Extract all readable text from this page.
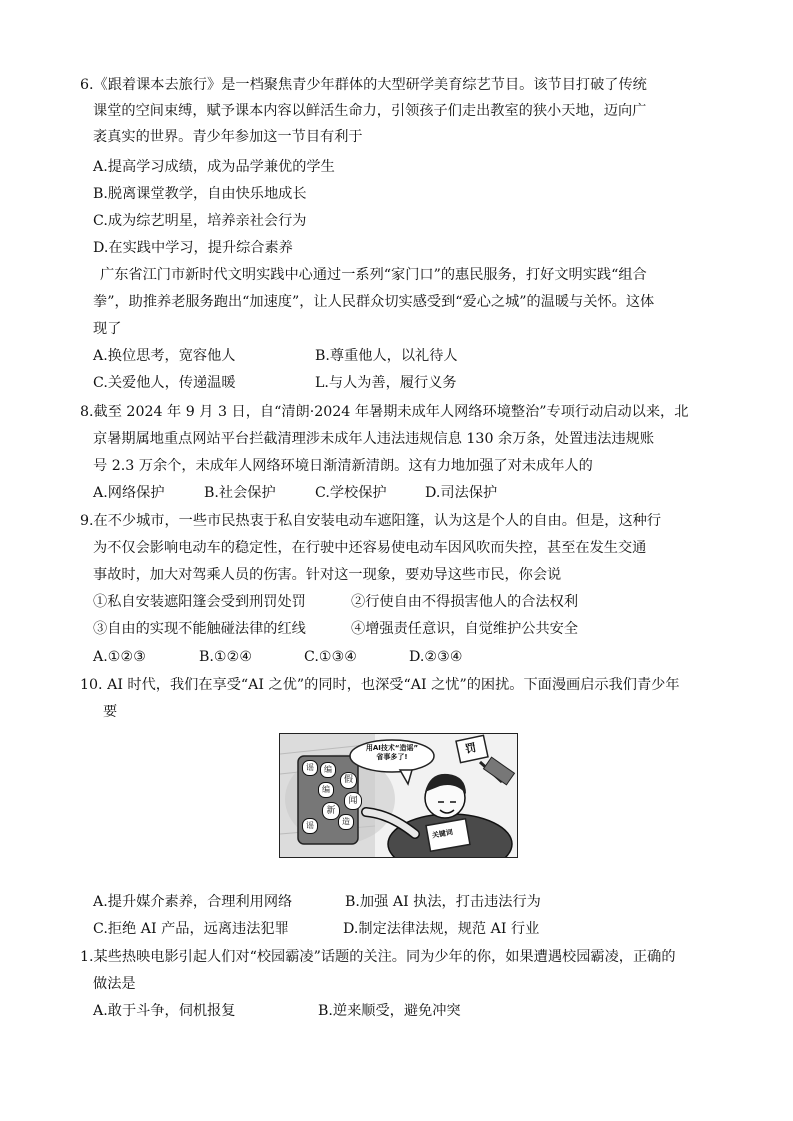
6.《跟着课本去旅行》是一档聚焦青少年群体的大型研学美育综艺节目。该节目打破了传统
课堂的空间束缚，赋予课本内容以鲜活生命力，引领孩子们走出教室的狭小天地，迈向广
袤真实的世界。青少年参加这一节目有利于
A.提高学习成绩，成为品学兼优的学生
B.脱离课堂教学，自由快乐地成长
C.成为综艺明星，培养亲社会行为
D.在实践中学习，提升综合素养
广东省江门市新时代文明实践中心通过一系列“家门口”的惠民服务，打好文明实践“组合
拳”，助推养老服务跑出“加速度”，让人民群众切实感受到“爱心之城”的温暖与关怀。这体
现了
A.换位思考，宽容他人	B.尊重他人，以礼待人
C.关爱他人，传递温暖	L.与人为善，履行义务
8.截至 2024 年 9 月 3 日，自“清朗·2024 年暑期未成年人网络环境整治”专项行动启动以来，北
京暑期属地重点网站平台拦截清理涉未成年人违法违规信息 130 余万条，处置违法违规账
号 2.3 万余个，未成年人网络环境日渐清新清朗。这有力地加强了对未成年人的
A.网络保护	B.社会保护	C.学校保护	D.司法保护
9.在不少城市，一些市民热衷于私自安装电动车遮阳篷，认为这是个人的自由。但是，这种行
为不仅会影响电动车的稳定性，在行驶中还容易使电动车因风吹而失控，甚至在发生交通
事故时，加大对驾乘人员的伤害。针对这一现象，要劝导这些市民，你会说
①私自安装遮阳篷会受到刑罚处罚	②行使自由不得损害他人的合法权利
③自由的实现不能触碰法律的红线	④增强责任意识，自觉维护公共安全
A.①②③	B.①②④	C.①③④	D.②③④
10. AI 时代，我们在享受“AI 之优”的同时，也深受“AI 之忧”的困扰。下面漫画启示我们青少年
要
用AI技术“造谣”
省事多了!
罚
关键词
谣
编
假
新
闻
谣	造
编
A.提升媒介素养，合理利用网络	B.加强 AI 执法，打击违法行为
C.拒绝 AI 产品，远离违法犯罪	D.制定法律法规，规范 AI 行业
1.某些热映电影引起人们对“校园霸凌”话题的关注。同为少年的你，如果遭遇校园霸凌，正确的
做法是
A.敢于斗争，伺机报复	B.逆来顺受，避免冲突
